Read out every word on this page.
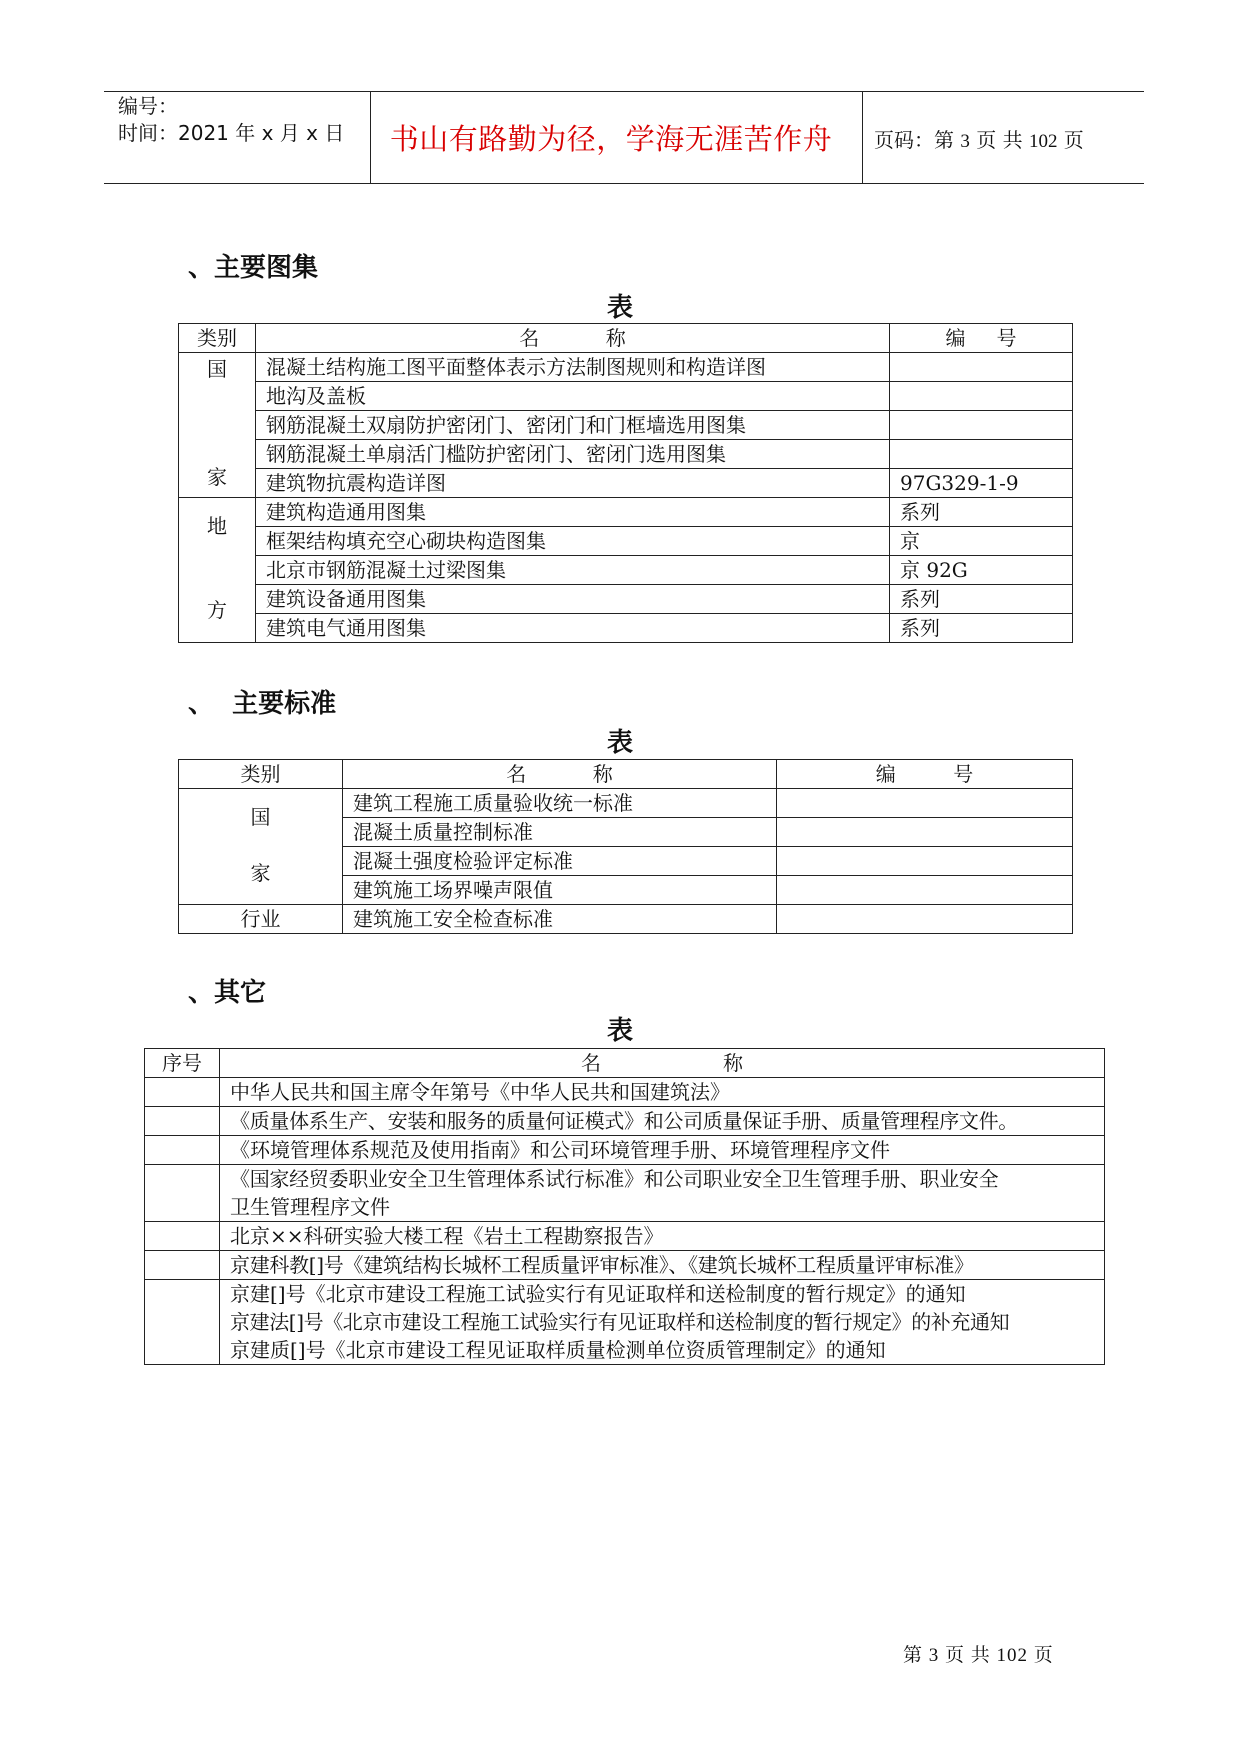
编号：
时间：2021 年 x 月 x 日	书山有路勤为径，学海无涯苦作舟	页码：第 3 页 共 102 页
、主要图集
表
类别	名 称	编 号

国
家	混凝土结构施工图平面整体表示方法制图规则和构造详图	
	地沟及盖板	
	钢筋混凝土双扇防护密闭门、密闭门和门框墙选用图集	
	钢筋混凝土单扇活门槛防护密闭门、密闭门选用图集	
	建筑物抗震构造详图	97G329-1-9

地
方	建筑构造通用图集	系列
	框架结构填充空心砌块构造图集	京
	北京市钢筋混凝土过梁图集	京 92G
	建筑设备通用图集	系列
	建筑电气通用图集	系列
、  主要标准
表
类别	名 称	编 号

国
家	建筑工程施工质量验收统一标准	
	混凝土质量控制标准	
	混凝土强度检验评定标准	
	建筑施工场界噪声限值	
行业	建筑施工安全检查标准	
、其它
表
序号	名 称

	中华人民共和国主席令年第号《中华人民共和国建筑法》
	《质量体系生产、安装和服务的质量何证模式》和公司质量保证手册、质量管理程序文件。
	《环境管理体系规范及使用指南》和公司环境管理手册、环境管理程序文件

	《国家经贸委职业安全卫生管理体系试行标准》和公司职业安全卫生管理手册、职业安全
卫生管理程序文件

	北京××科研实验大楼工程《岩土工程勘察报告》
	京建科教[]号《建筑结构长城杯工程质量评审标准》、《建筑长城杯工程质量评审标准》

	京建[]号《北京市建设工程施工试验实行有见证取样和送检制度的暂行规定》的通知
京建法[]号《北京市建设工程施工试验实行有见证取样和送检制度的暂行规定》的补充通知
京建质[]号《北京市建设工程见证取样质量检测单位资质管理制定》的通知
第 3 页 共 102 页
